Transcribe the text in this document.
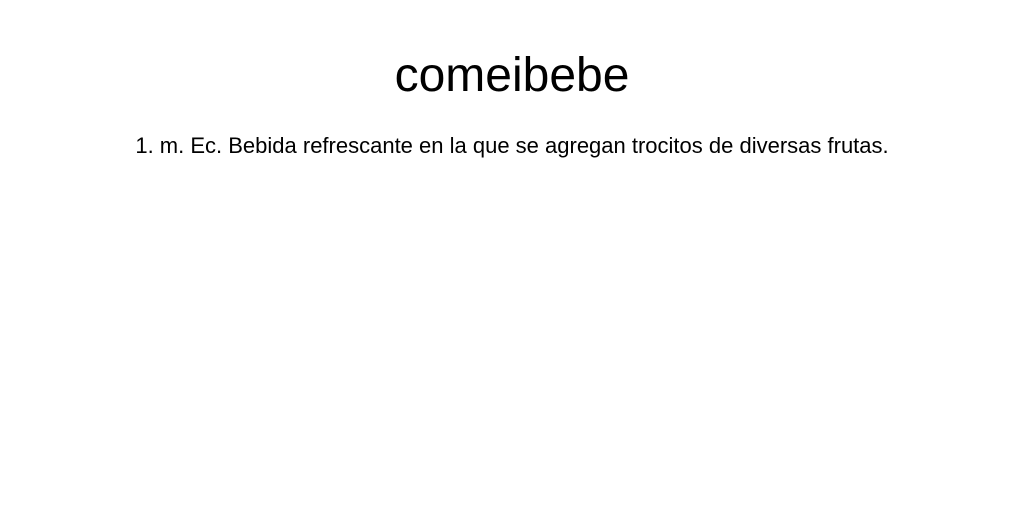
comeibebe

1. m. Ec. Bebida refrescante en la que se agregan trocitos de diversas frutas.
